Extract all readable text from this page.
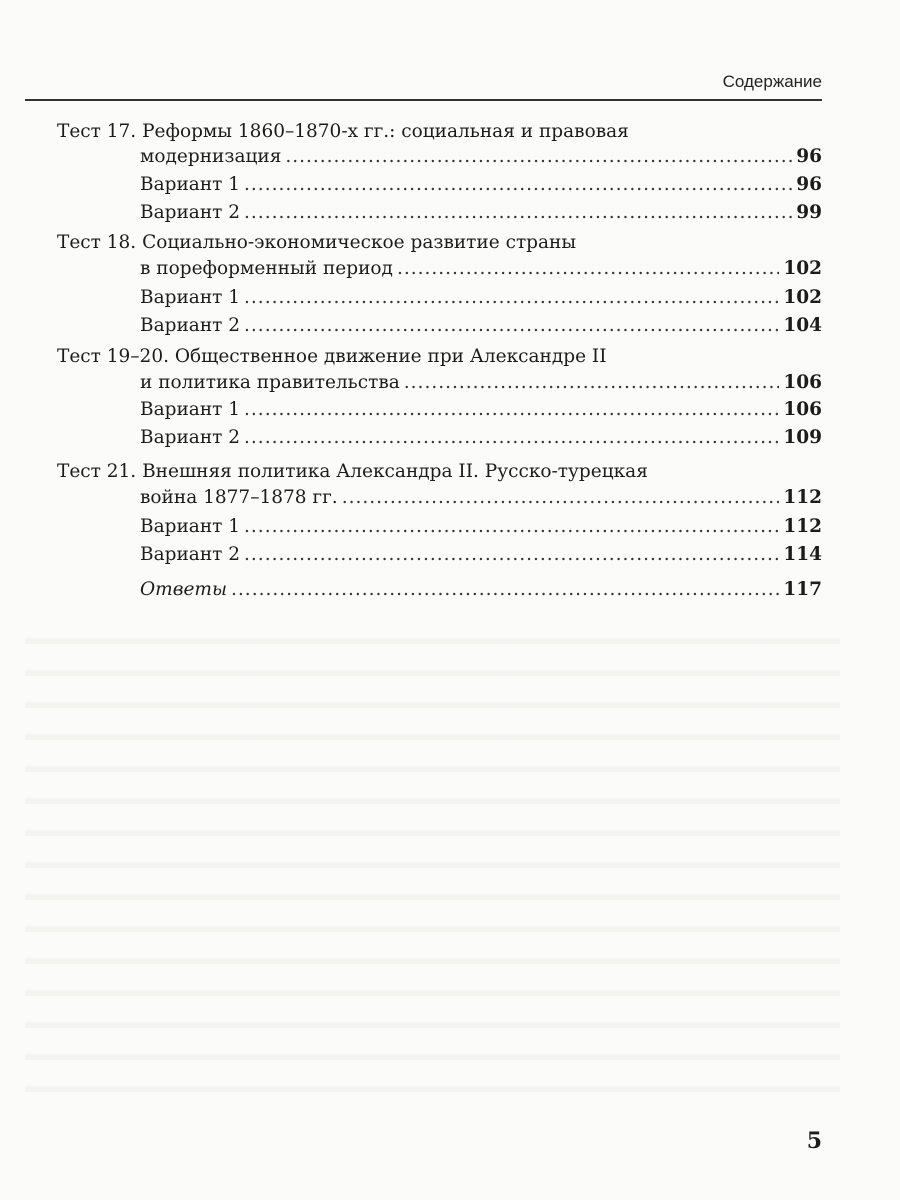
Содержание
Тест 17. Реформы 1860–1870-х гг.: социальная и правовая
модернизация .....	96
Вариант 1 .....	96
Вариант 2 .....	99
Тест 18. Социально-экономическое развитие страны
в пореформенный период .....	102
Вариант 1 .....	102
Вариант 2 .....	104
Тест 19–20. Общественное движение при Александре II
и политика правительства .....	106
Вариант 1 .....	106
Вариант 2 .....	109
Тест 21. Внешняя политика Александра II. Русско-турецкая
война 1877–1878 гг. .....	112
Вариант 1 .....	112
Вариант 2 .....	114
Ответы .....	117
5
